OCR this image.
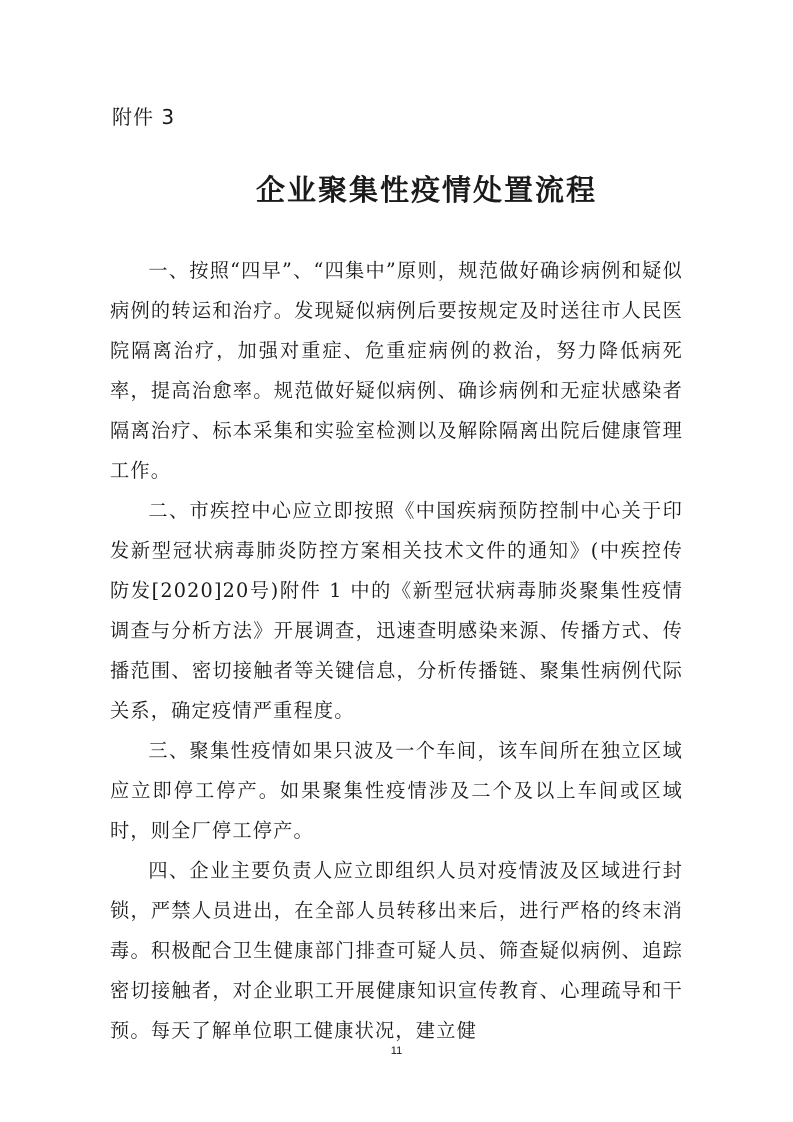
附件 3
企业聚集性疫情处置流程

一、按照“四早”、“四集中”原则，规范做好确诊病例和疑似病例的转运和治疗。发现疑似病例后要按规定及时送往市人民医院隔离治疗，加强对重症、危重症病例的救治，努力降低病死率，提高治愈率。规范做好疑似病例、确诊病例和无症状感染者隔离治疗、标本采集和实验室检测以及解除隔离出院后健康管理工作。

二、市疾控中心应立即按照《中国疾病预防控制中心关于印发新型冠状病毒肺炎防控方案相关技术文件的通知》(中疾控传防发[2020]20号)附件 1 中的《新型冠状病毒肺炎聚集性疫情调查与分析方法》开展调查，迅速查明感染来源、传播方式、传播范围、密切接触者等关键信息，分析传播链、聚集性病例代际关系，确定疫情严重程度。

三、聚集性疫情如果只波及一个车间，该车间所在独立区域应立即停工停产。如果聚集性疫情涉及二个及以上车间或区域时，则全厂停工停产。

四、企业主要负责人应立即组织人员对疫情波及区域进行封锁，严禁人员进出，在全部人员转移出来后，进行严格的终末消毒。积极配合卫生健康部门排查可疑人员、筛查疑似病例、追踪密切接触者，对企业职工开展健康知识宣传教育、心理疏导和干预。每天了解单位职工健康状况，建立健

11
